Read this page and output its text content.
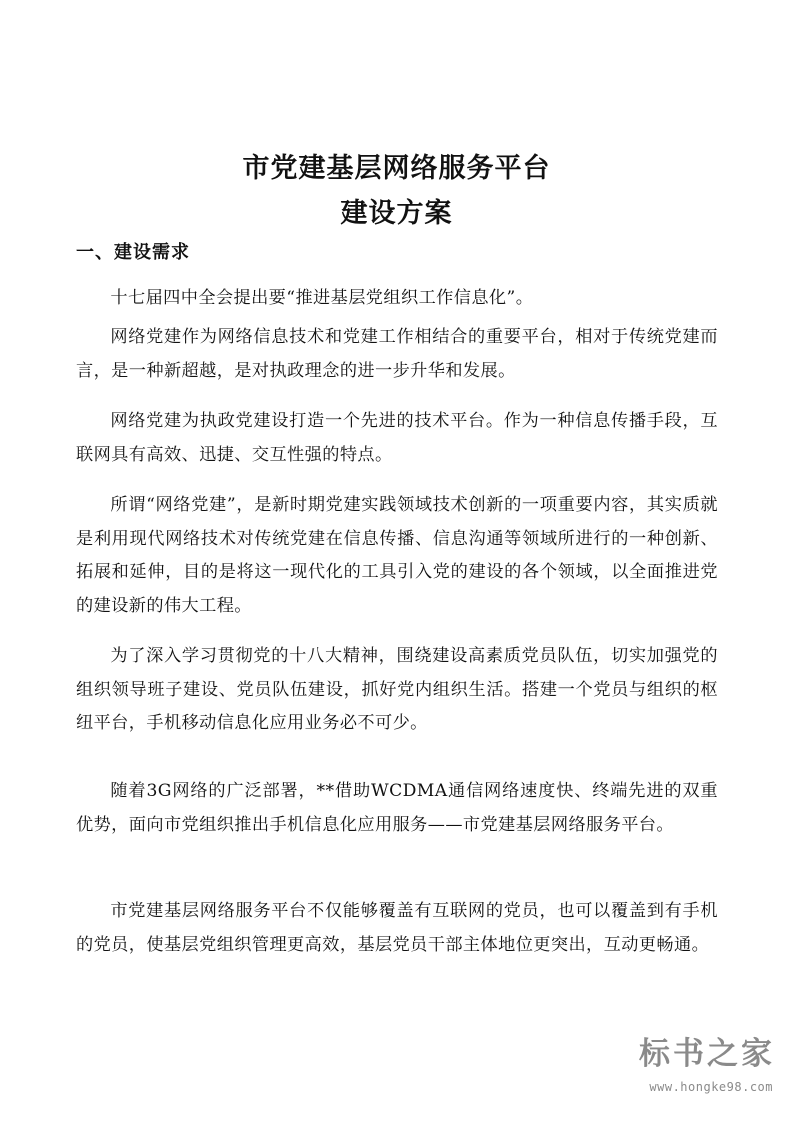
市党建基层网络服务平台
建设方案
一、建设需求

十七届四中全会提出要“推进基层党组织工作信息化”。

网络党建作为网络信息技术和党建工作相结合的重要平台，相对于传统党建而言，是一种新超越，是对执政理念的进一步升华和发展。

网络党建为执政党建设打造一个先进的技术平台。作为一种信息传播手段，互联网具有高效、迅捷、交互性强的特点。

所谓“网络党建”，是新时期党建实践领域技术创新的一项重要内容，其实质就是利用现代网络技术对传统党建在信息传播、信息沟通等领域所进行的一种创新、拓展和延伸，目的是将这一现代化的工具引入党的建设的各个领域，以全面推进党的建设新的伟大工程。

为了深入学习贯彻党的十八大精神，围绕建设高素质党员队伍，切实加强党的组织领导班子建设、党员队伍建设，抓好党内组织生活。搭建一个党员与组织的枢纽平台，手机移动信息化应用业务必不可少。

随着3G网络的广泛部署，**借助WCDMA通信网络速度快、终端先进的双重优势，面向市党组织推出手机信息化应用服务——市党建基层网络服务平台。

市党建基层网络服务平台不仅能够覆盖有互联网的党员，也可以覆盖到有手机的党员，使基层党组织管理更高效，基层党员干部主体地位更突出，互动更畅通。

标书之家
www.hongke98.com
